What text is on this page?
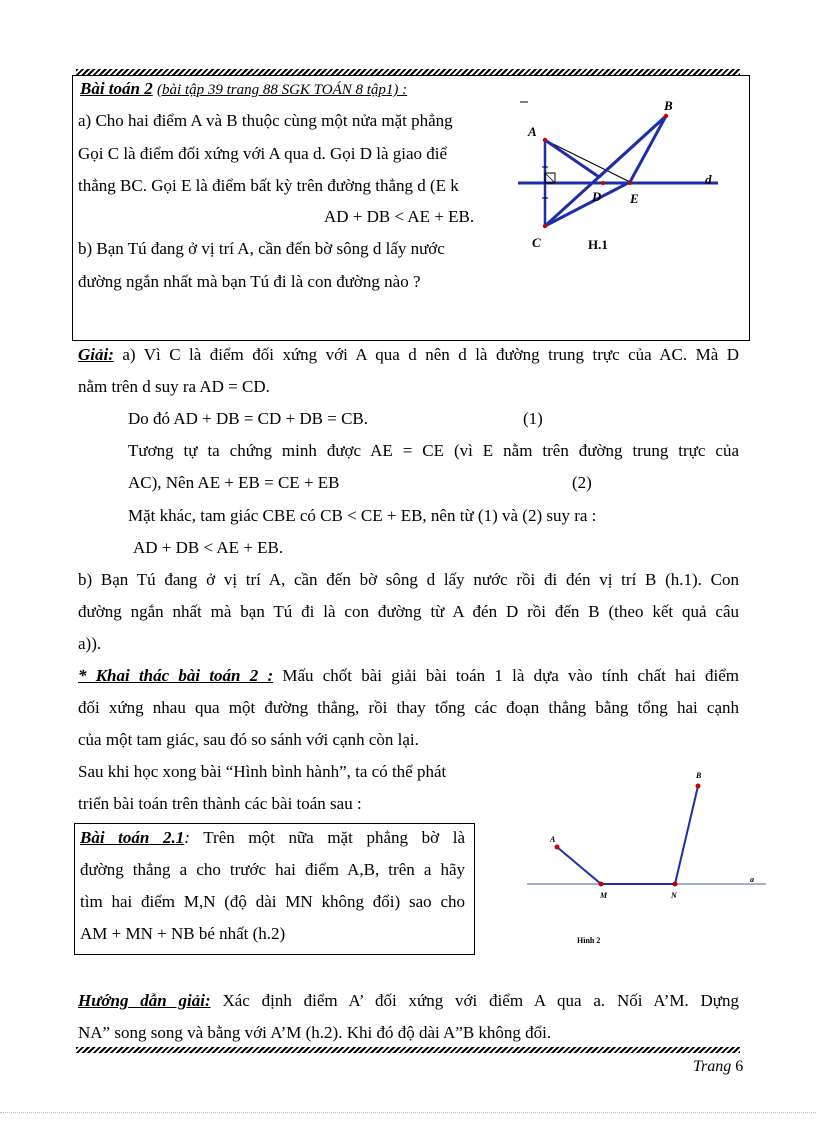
Bài toán 2 (bài tập 39 trang 88 SGK TOÁN 8 tập1) :
a) Cho hai điểm A và B thuộc cùng một nửa mặt phẳng
Gọi C là điểm đối xứng với A qua d. Gọi D là giao điể
thẳng BC. Gọi E là điểm bất kỳ trên đường thẳng d (E k
AD + DB < AE + EB.
b) Bạn Tú đang ở vị trí A, cần đến bờ sông d lấy nước
đường ngắn nhất mà bạn Tú đi là con đường nào ?
A
B
C
D E
d
H.1
Giải: a) Vì C là điểm đối xứng với A qua d nên d là đường trung trực của AC. Mà D
nằm trên d suy ra AD = CD.
Do đó AD + DB = CD + DB = CB.	(1)
Tương tự ta chứng minh được AE = CE (vì E nằm trên đường trung trực của
AC), Nên AE + EB = CE + EB	(2)
Mặt khác, tam giác CBE có CB < CE + EB, nên từ (1) và (2) suy ra :
AD + DB < AE + EB.
b) Bạn Tú đang ở vị trí A, cần đến bờ sông d lấy nước rồi đi đén vị trí B (h.1). Con
đường ngắn nhất mà bạn Tú đi là con đường từ A đén D rồi đến B (theo kết quả câu
a)).
* Khai thác bài toán 2 : Mấu chốt bài giải bài toán 1 là dựa vào tính chất hai điểm
đối xứng nhau qua một đường thẳng, rồi thay tổng các đoạn thẳng bằng tổng hai cạnh
của một tam giác, sau đó so sánh với cạnh còn lại.
Sau khi học xong bài “Hình bình hành”, ta có thể phát
triển bài toán trên thành các bài toán sau :
Bài toán 2.1: Trên một nữa mặt phẳng bờ là
đường thẳng a cho trước hai điểm A,B, trên a hãy
tìm hai điểm M,N (độ dài MN không đổi) sao cho
AM + MN + NB bé nhất (h.2)
A
B
M	N
a
Hình 2
Hướng dẫn giải: Xác định điểm A’ đối xứng với điểm A qua a. Nối A’M. Dựng
NA” song song và bằng với A’M (h.2). Khi đó độ dài A”B không đổi.
Trang 6
